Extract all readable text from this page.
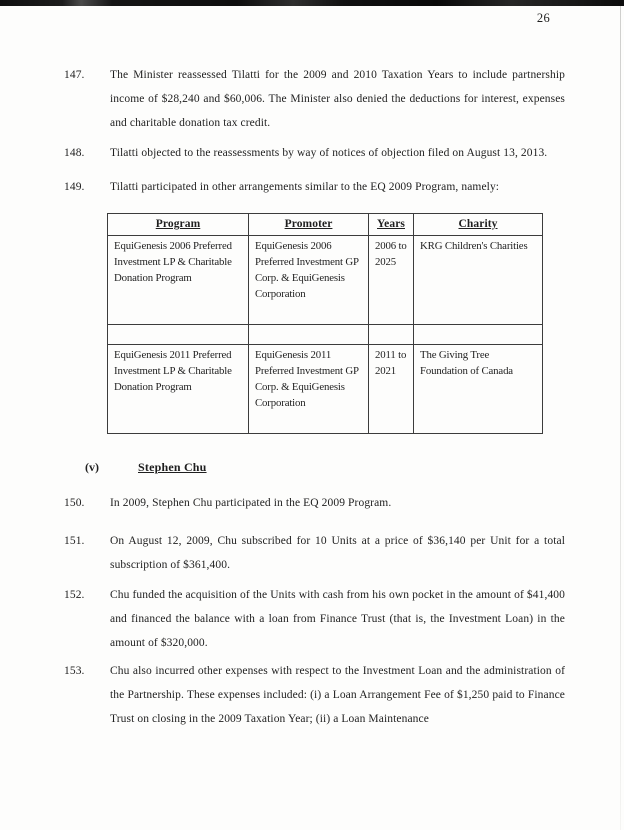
26
147.	The Minister reassessed Tilatti for the 2009 and 2010 Taxation Years to include partnership income of $28,240 and $60,006. The Minister also denied the deductions for interest, expenses and charitable donation tax credit.
148.	Tilatti objected to the reassessments by way of notices of objection filed on August 13, 2013.
149.	Tilatti participated in other arrangements similar to the EQ 2009 Program, namely:
Program	Promoter	Years	Charity
EquiGenesis 2006 Preferred Investment LP & Charitable Donation Program	EquiGenesis 2006 Preferred Investment GP Corp. & EquiGenesis Corporation	2006 to 2025	KRG Children's Charities

EquiGenesis 2011 Preferred Investment LP & Charitable Donation Program	EquiGenesis 2011 Preferred Investment GP Corp. & EquiGenesis Corporation	2011 to 2021	The Giving Tree Foundation of Canada
(v)	Stephen Chu
150.	In 2009, Stephen Chu participated in the EQ 2009 Program.
151.	On August 12, 2009, Chu subscribed for 10 Units at a price of $36,140 per Unit for a total subscription of $361,400.
152.	Chu funded the acquisition of the Units with cash from his own pocket in the amount of $41,400 and financed the balance with a loan from Finance Trust (that is, the Investment Loan) in the amount of $320,000.
153.	Chu also incurred other expenses with respect to the Investment Loan and the administration of the Partnership. These expenses included: (i) a Loan Arrangement Fee of $1,250 paid to Finance Trust on closing in the 2009 Taxation Year; (ii) a Loan Maintenance
